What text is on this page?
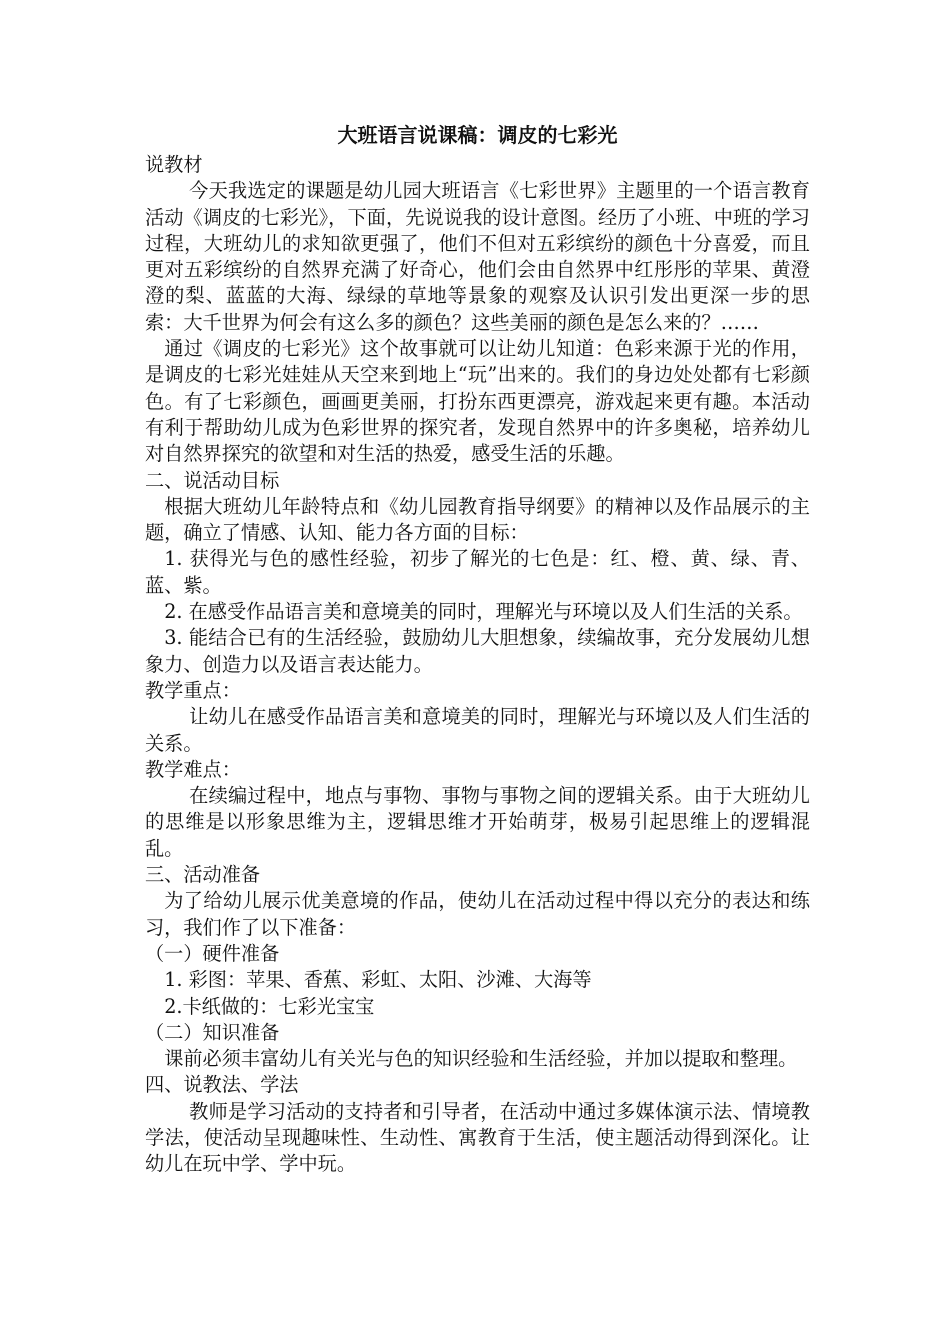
大班语言说课稿：调皮的七彩光

说教材

今天我选定的课题是幼儿园大班语言《七彩世界》主题里的一个语言教育活动《调皮的七彩光》，下面，先说说我的设计意图。经历了小班、中班的学习过程，大班幼儿的求知欲更强了，他们不但对五彩缤纷的颜色十分喜爱，而且更对五彩缤纷的自然界充满了好奇心，他们会由自然界中红彤彤的苹果、黄澄澄的梨、蓝蓝的大海、绿绿的草地等景象的观察及认识引发出更深一步的思索：大千世界为何会有这么多的颜色？这些美丽的颜色是怎么来的？……

通过《调皮的七彩光》这个故事就可以让幼儿知道：色彩来源于光的作用，是调皮的七彩光娃娃从天空来到地上“玩”出来的。我们的身边处处都有七彩颜色。有了七彩颜色，画画更美丽，打扮东西更漂亮，游戏起来更有趣。本活动有利于帮助幼儿成为色彩世界的探究者，发现自然界中的许多奥秘，培养幼儿对自然界探究的欲望和对生活的热爱，感受生活的乐趣。

二、说活动目标

根据大班幼儿年龄特点和《幼儿园教育指导纲要》的精神以及作品展示的主题，确立了情感、认知、能力各方面的目标：

1. 获得光与色的感性经验，初步了解光的七色是：红、橙、黄、绿、青、蓝、紫。

2. 在感受作品语言美和意境美的同时，理解光与环境以及人们生活的关系。

3. 能结合已有的生活经验，鼓励幼儿大胆想象，续编故事，充分发展幼儿想象力、创造力以及语言表达能力。

教学重点：

让幼儿在感受作品语言美和意境美的同时，理解光与环境以及人们生活的关系。

教学难点：

在续编过程中，地点与事物、事物与事物之间的逻辑关系。由于大班幼儿的思维是以形象思维为主，逻辑思维才开始萌芽，极易引起思维上的逻辑混乱。

三、活动准备

为了给幼儿展示优美意境的作品，使幼儿在活动过程中得以充分的表达和练习，我们作了以下准备：

（一）硬件准备

1. 彩图：苹果、香蕉、彩虹、太阳、沙滩、大海等

2.卡纸做的：七彩光宝宝

（二）知识准备

课前必须丰富幼儿有关光与色的知识经验和生活经验，并加以提取和整理。

四、说教法、学法

教师是学习活动的支持者和引导者，在活动中通过多媒体演示法、情境教学法，使活动呈现趣味性、生动性、寓教育于生活，使主题活动得到深化。让幼儿在玩中学、学中玩。
